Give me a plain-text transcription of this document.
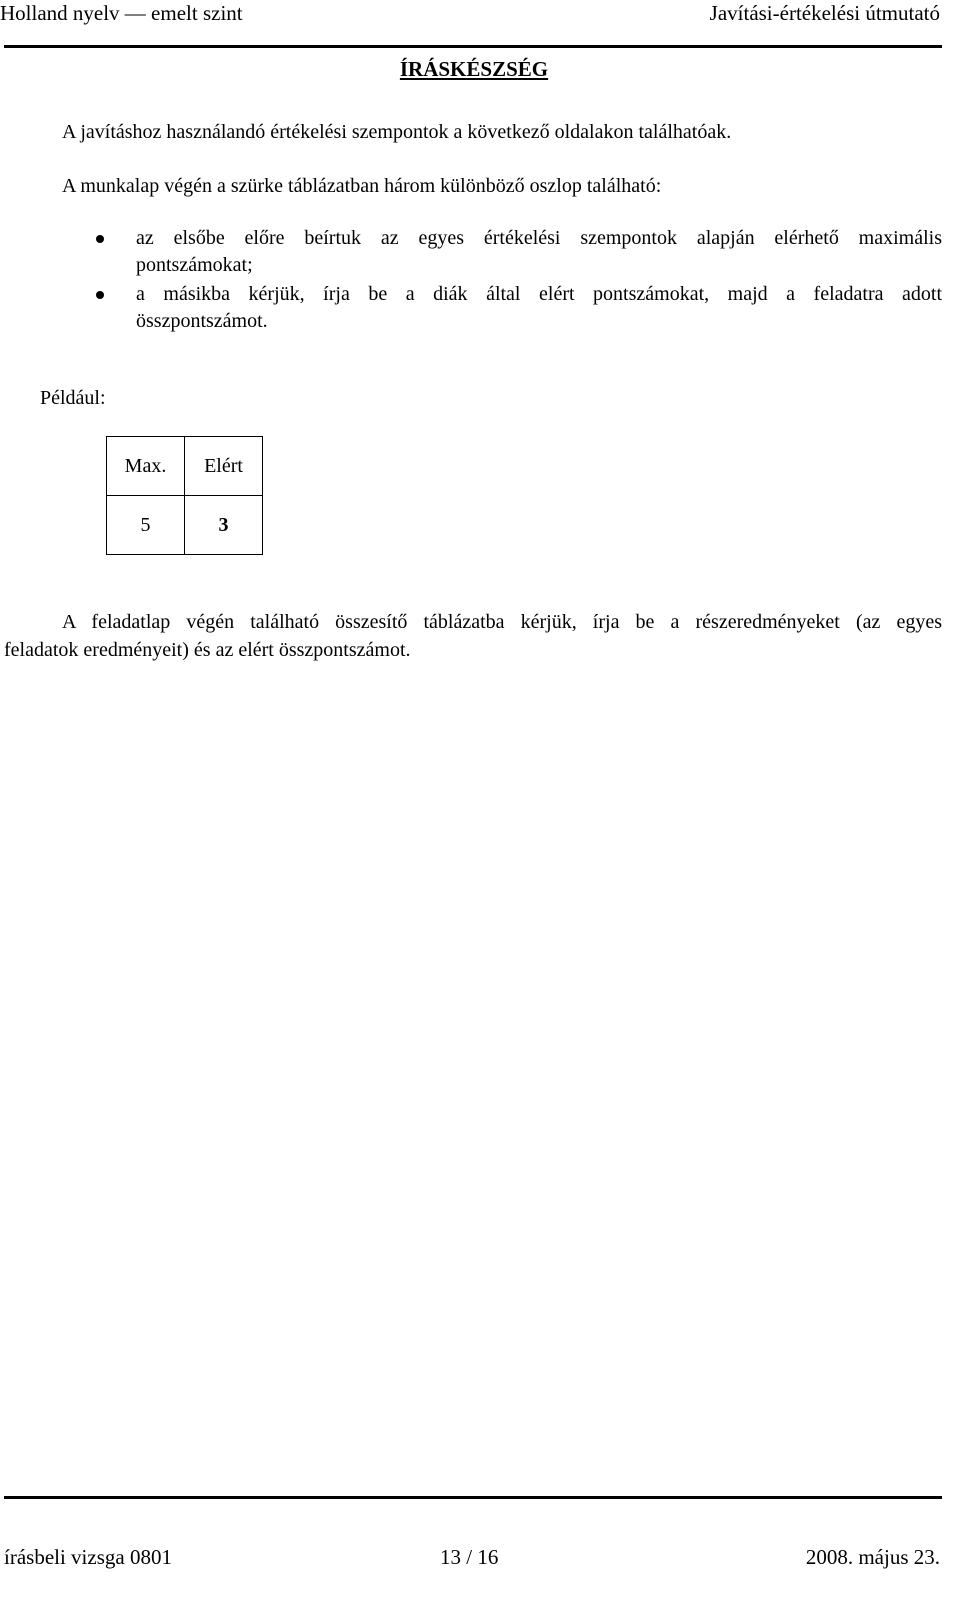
Holland nyelv — emelt szint	Javítási-értékelési útmutató
ÍRÁSKÉSZSÉG
A javításhoz használandó értékelési szempontok a következő oldalakon találhatóak.
A munkalap végén a szürke táblázatban három különböző oszlop található:
az elsőbe előre beírtuk az egyes értékelési szempontok alapján elérhető maximális
pontszámokat;
a másikba kérjük, írja be a diák által elért pontszámokat, majd a feladatra adott
összpontszámot.
Például:
Max.	Elért
5	3
A feladatlap végén található összesítő táblázatba kérjük, írja be a részeredményeket (az egyes
feladatok eredményeit) és az elért összpontszámot.
írásbeli vizsga 0801	13 / 16	2008. május 23.
